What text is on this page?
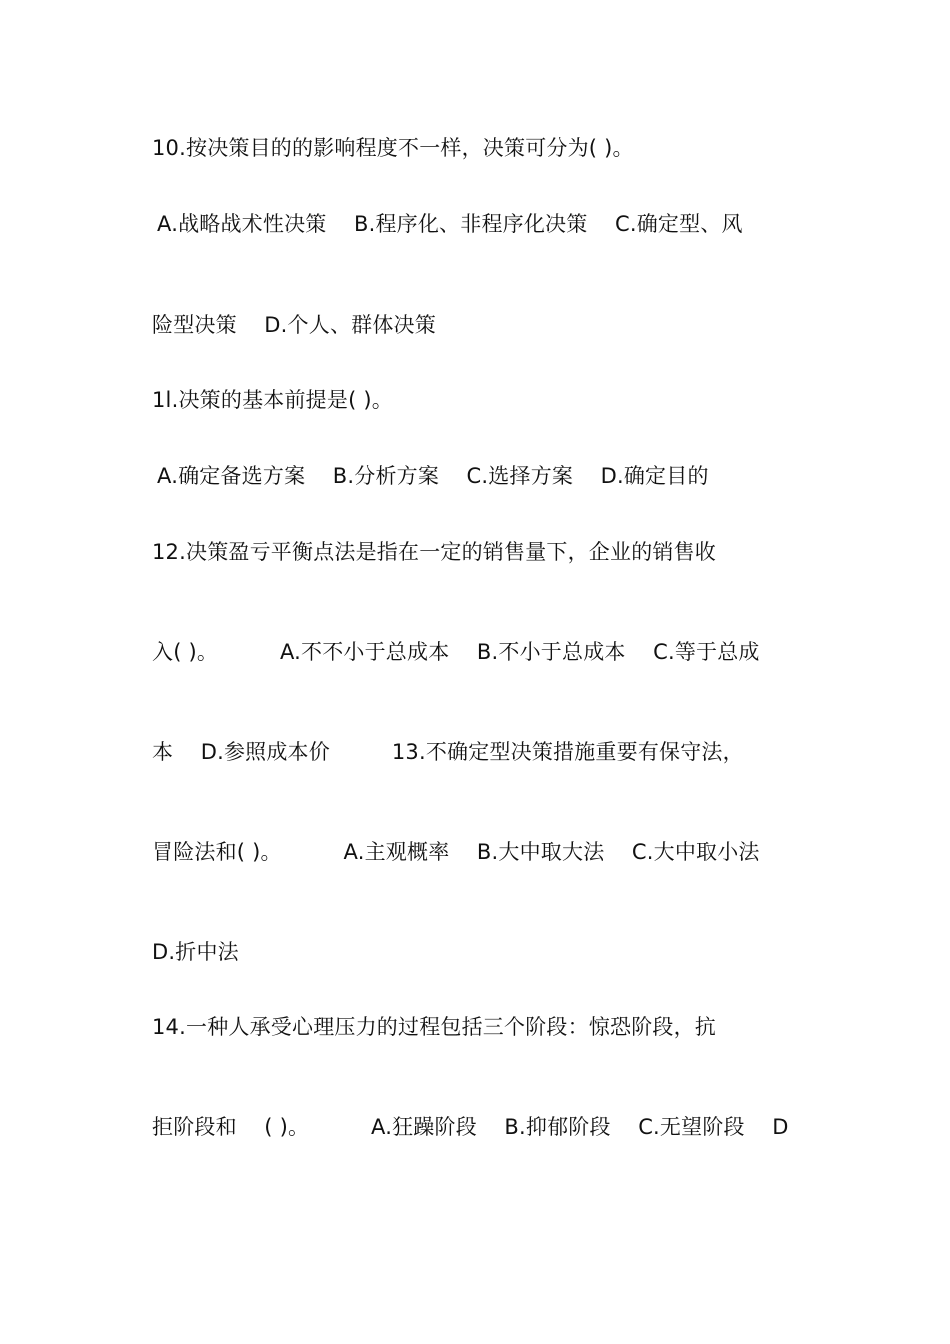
10.按决策目的的影响程度不一样，决策可分为( )。
A.战略战术性决策    B.程序化、非程序化决策    C.确定型、风
险型决策    D.个人、群体决策
1l.决策的基本前提是( )。
A.确定备选方案    B.分析方案    C.选择方案    D.确定目的
12.决策盈亏平衡点法是指在一定的销售量下，企业的销售收
入( )。         A.不不小于总成本    B.不小于总成本    C.等于总成
本    D.参照成本价         13.不确定型决策措施重要有保守法，
冒险法和( )。         A.主观概率    B.大中取大法    C.大中取小法
D.折中法
14.一种人承受心理压力的过程包括三个阶段：惊恐阶段，抗
拒阶段和    ( )。         A.狂躁阶段    B.抑郁阶段    C.无望阶段    D
